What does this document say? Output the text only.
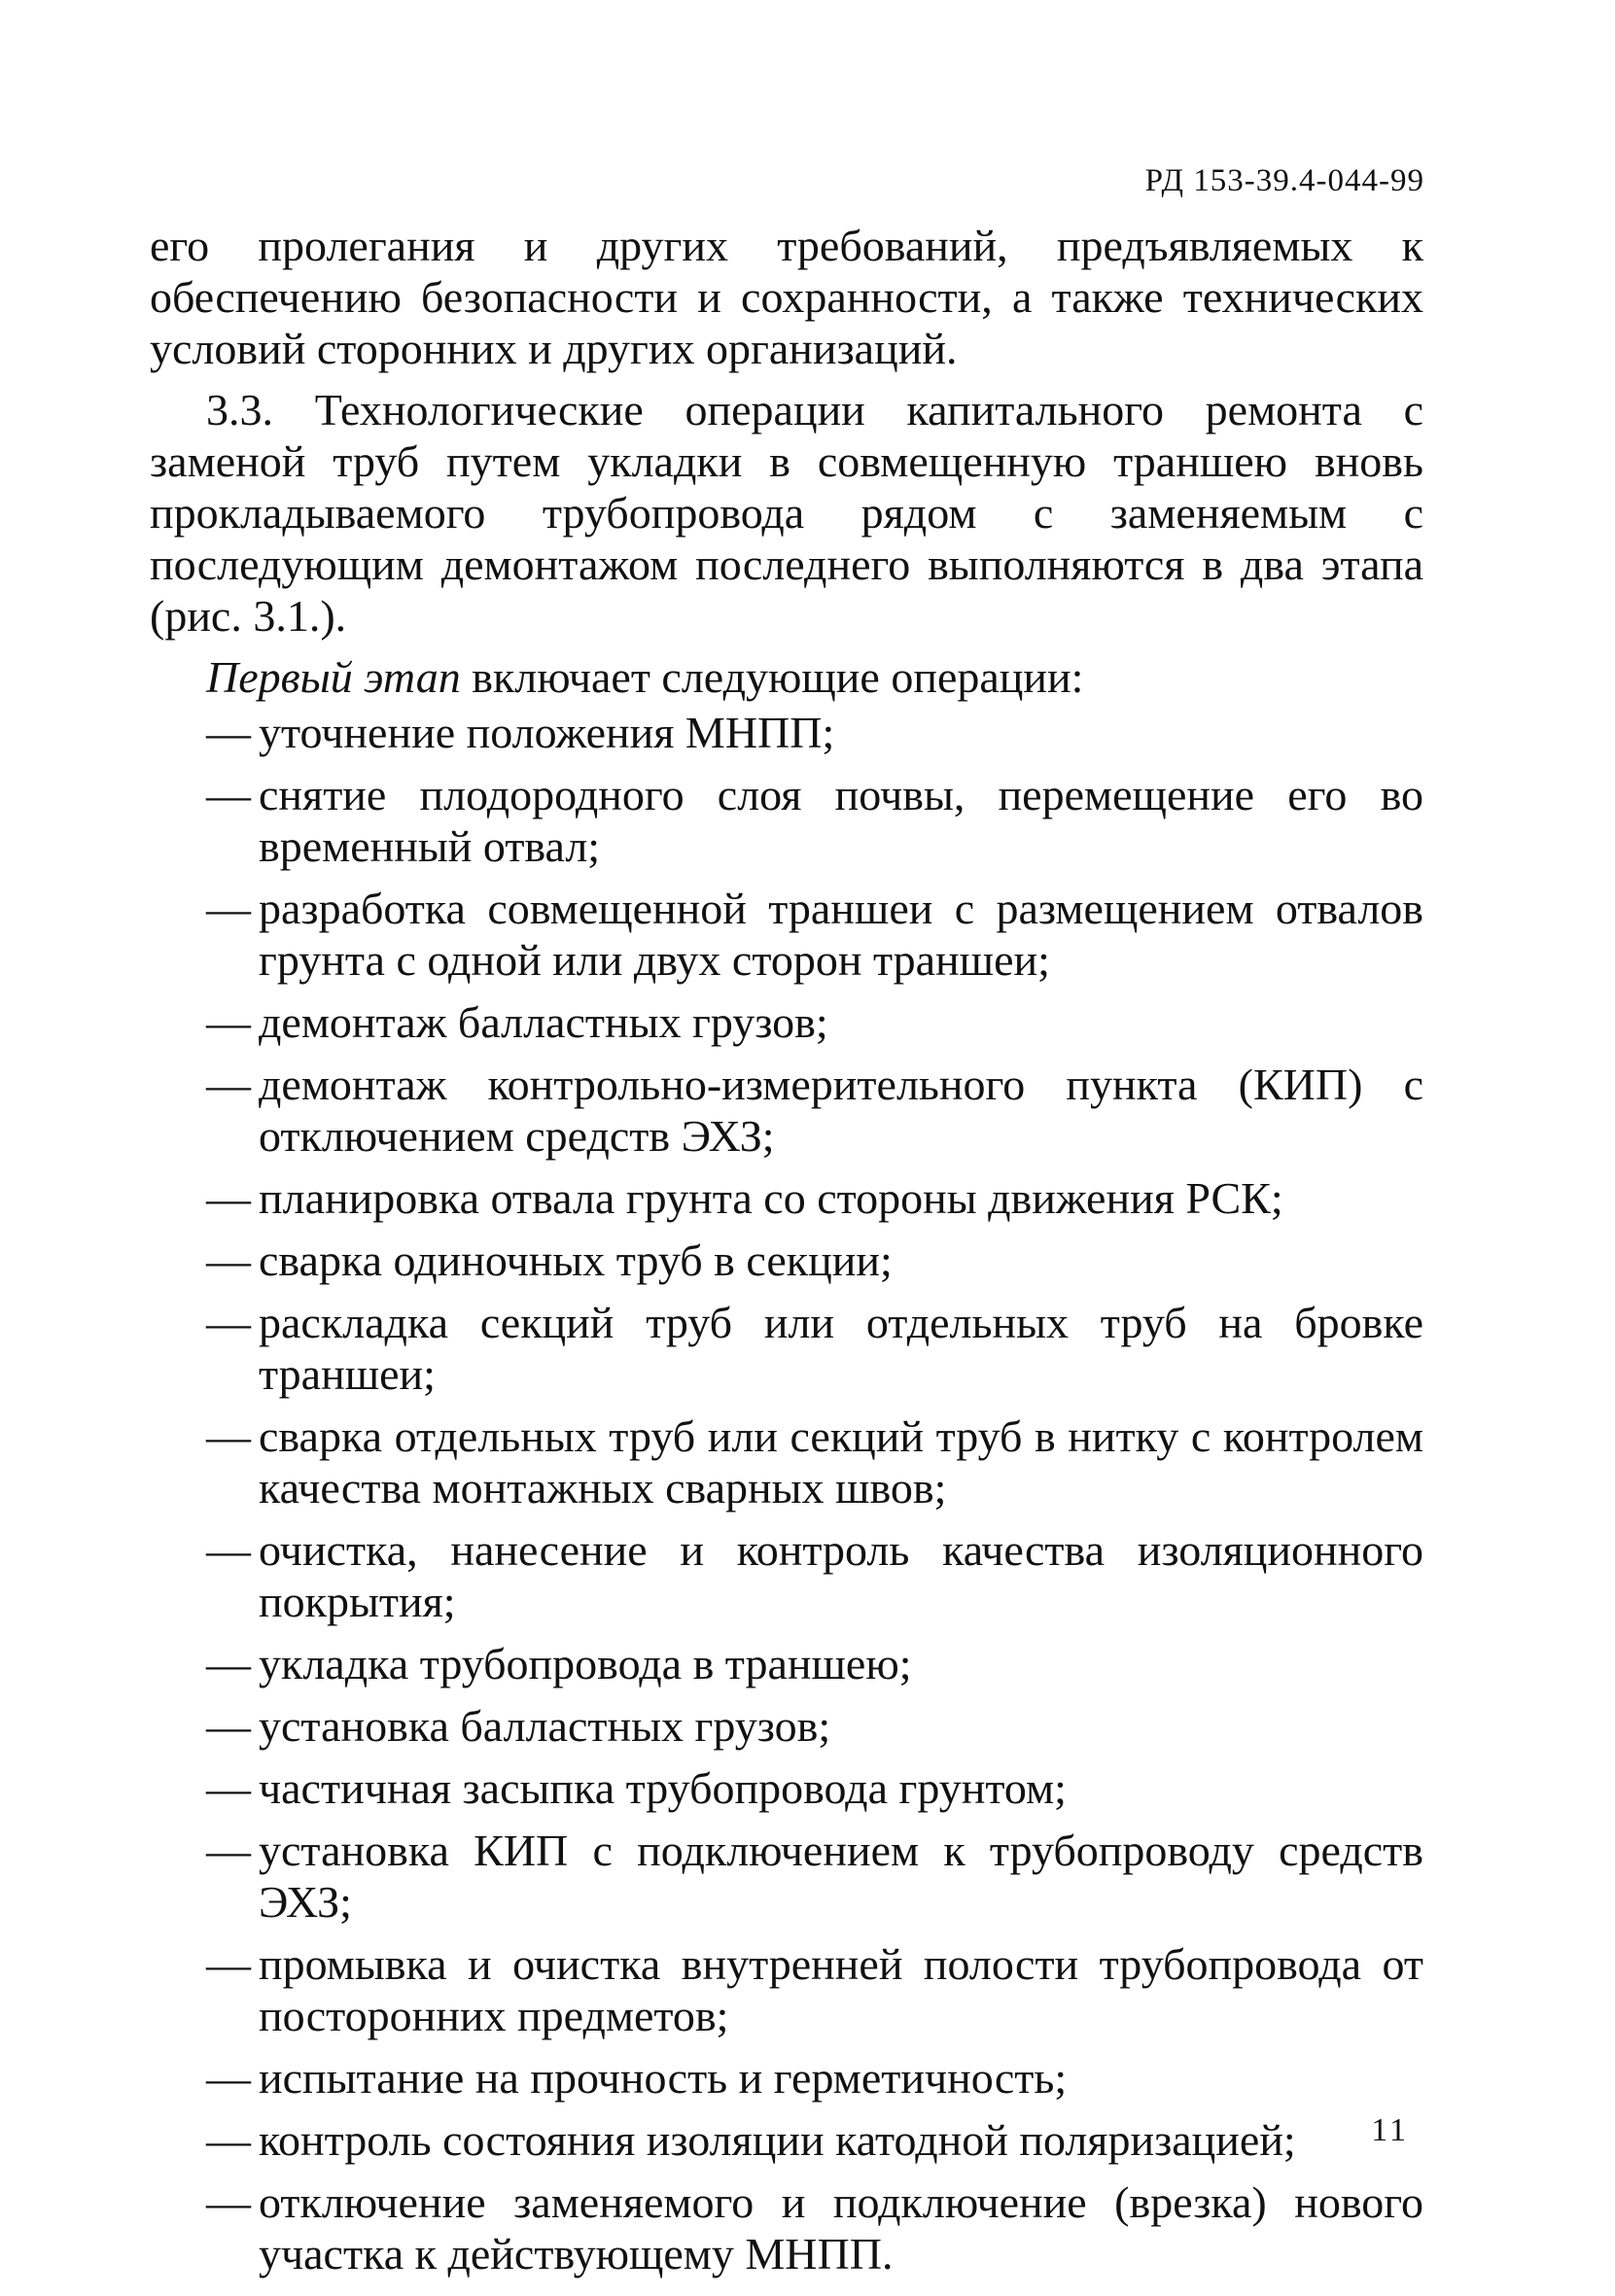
РД 153-39.4-044-99

его пролегания и других требований, предъявляемых к обеспечению безопасности и сохранности, а также технических условий сторонних и других организаций.

3.3. Технологические операции капитального ремонта с заменой труб путем укладки в совмещенную траншею вновь прокладываемого трубопровода рядом с заменяемым с последующим демонтажом последнего выполняются в два этапа (рис. 3.1.).

Первый этап включает следующие операции:

— уточнение положения МНПП;
— снятие плодородного слоя почвы, перемещение его во временный отвал;
— разработка совмещенной траншеи с размещением отвалов грунта с одной или двух сторон траншеи;
— демонтаж балластных грузов;
— демонтаж контрольно-измерительного пункта (КИП) с отключением средств ЭХЗ;
— планировка отвала грунта со стороны движения РСК;
— сварка одиночных труб в секции;
— раскладка секций труб или отдельных труб на бровке траншеи;
— сварка отдельных труб или секций труб в нитку с контролем качества монтажных сварных швов;
— очистка, нанесение и контроль качества изоляционного покрытия;
— укладка трубопровода в траншею;
— установка балластных грузов;
— частичная засыпка трубопровода грунтом;
— установка КИП с подключением к трубопроводу средств ЭХЗ;
— промывка и очистка внутренней полости трубопровода от посторонних предметов;
— испытание на прочность и герметичность;
— контроль состояния изоляции катодной поляризацией;
— отключение заменяемого и подключение (врезка) нового участка к действующему МНПП.
11
